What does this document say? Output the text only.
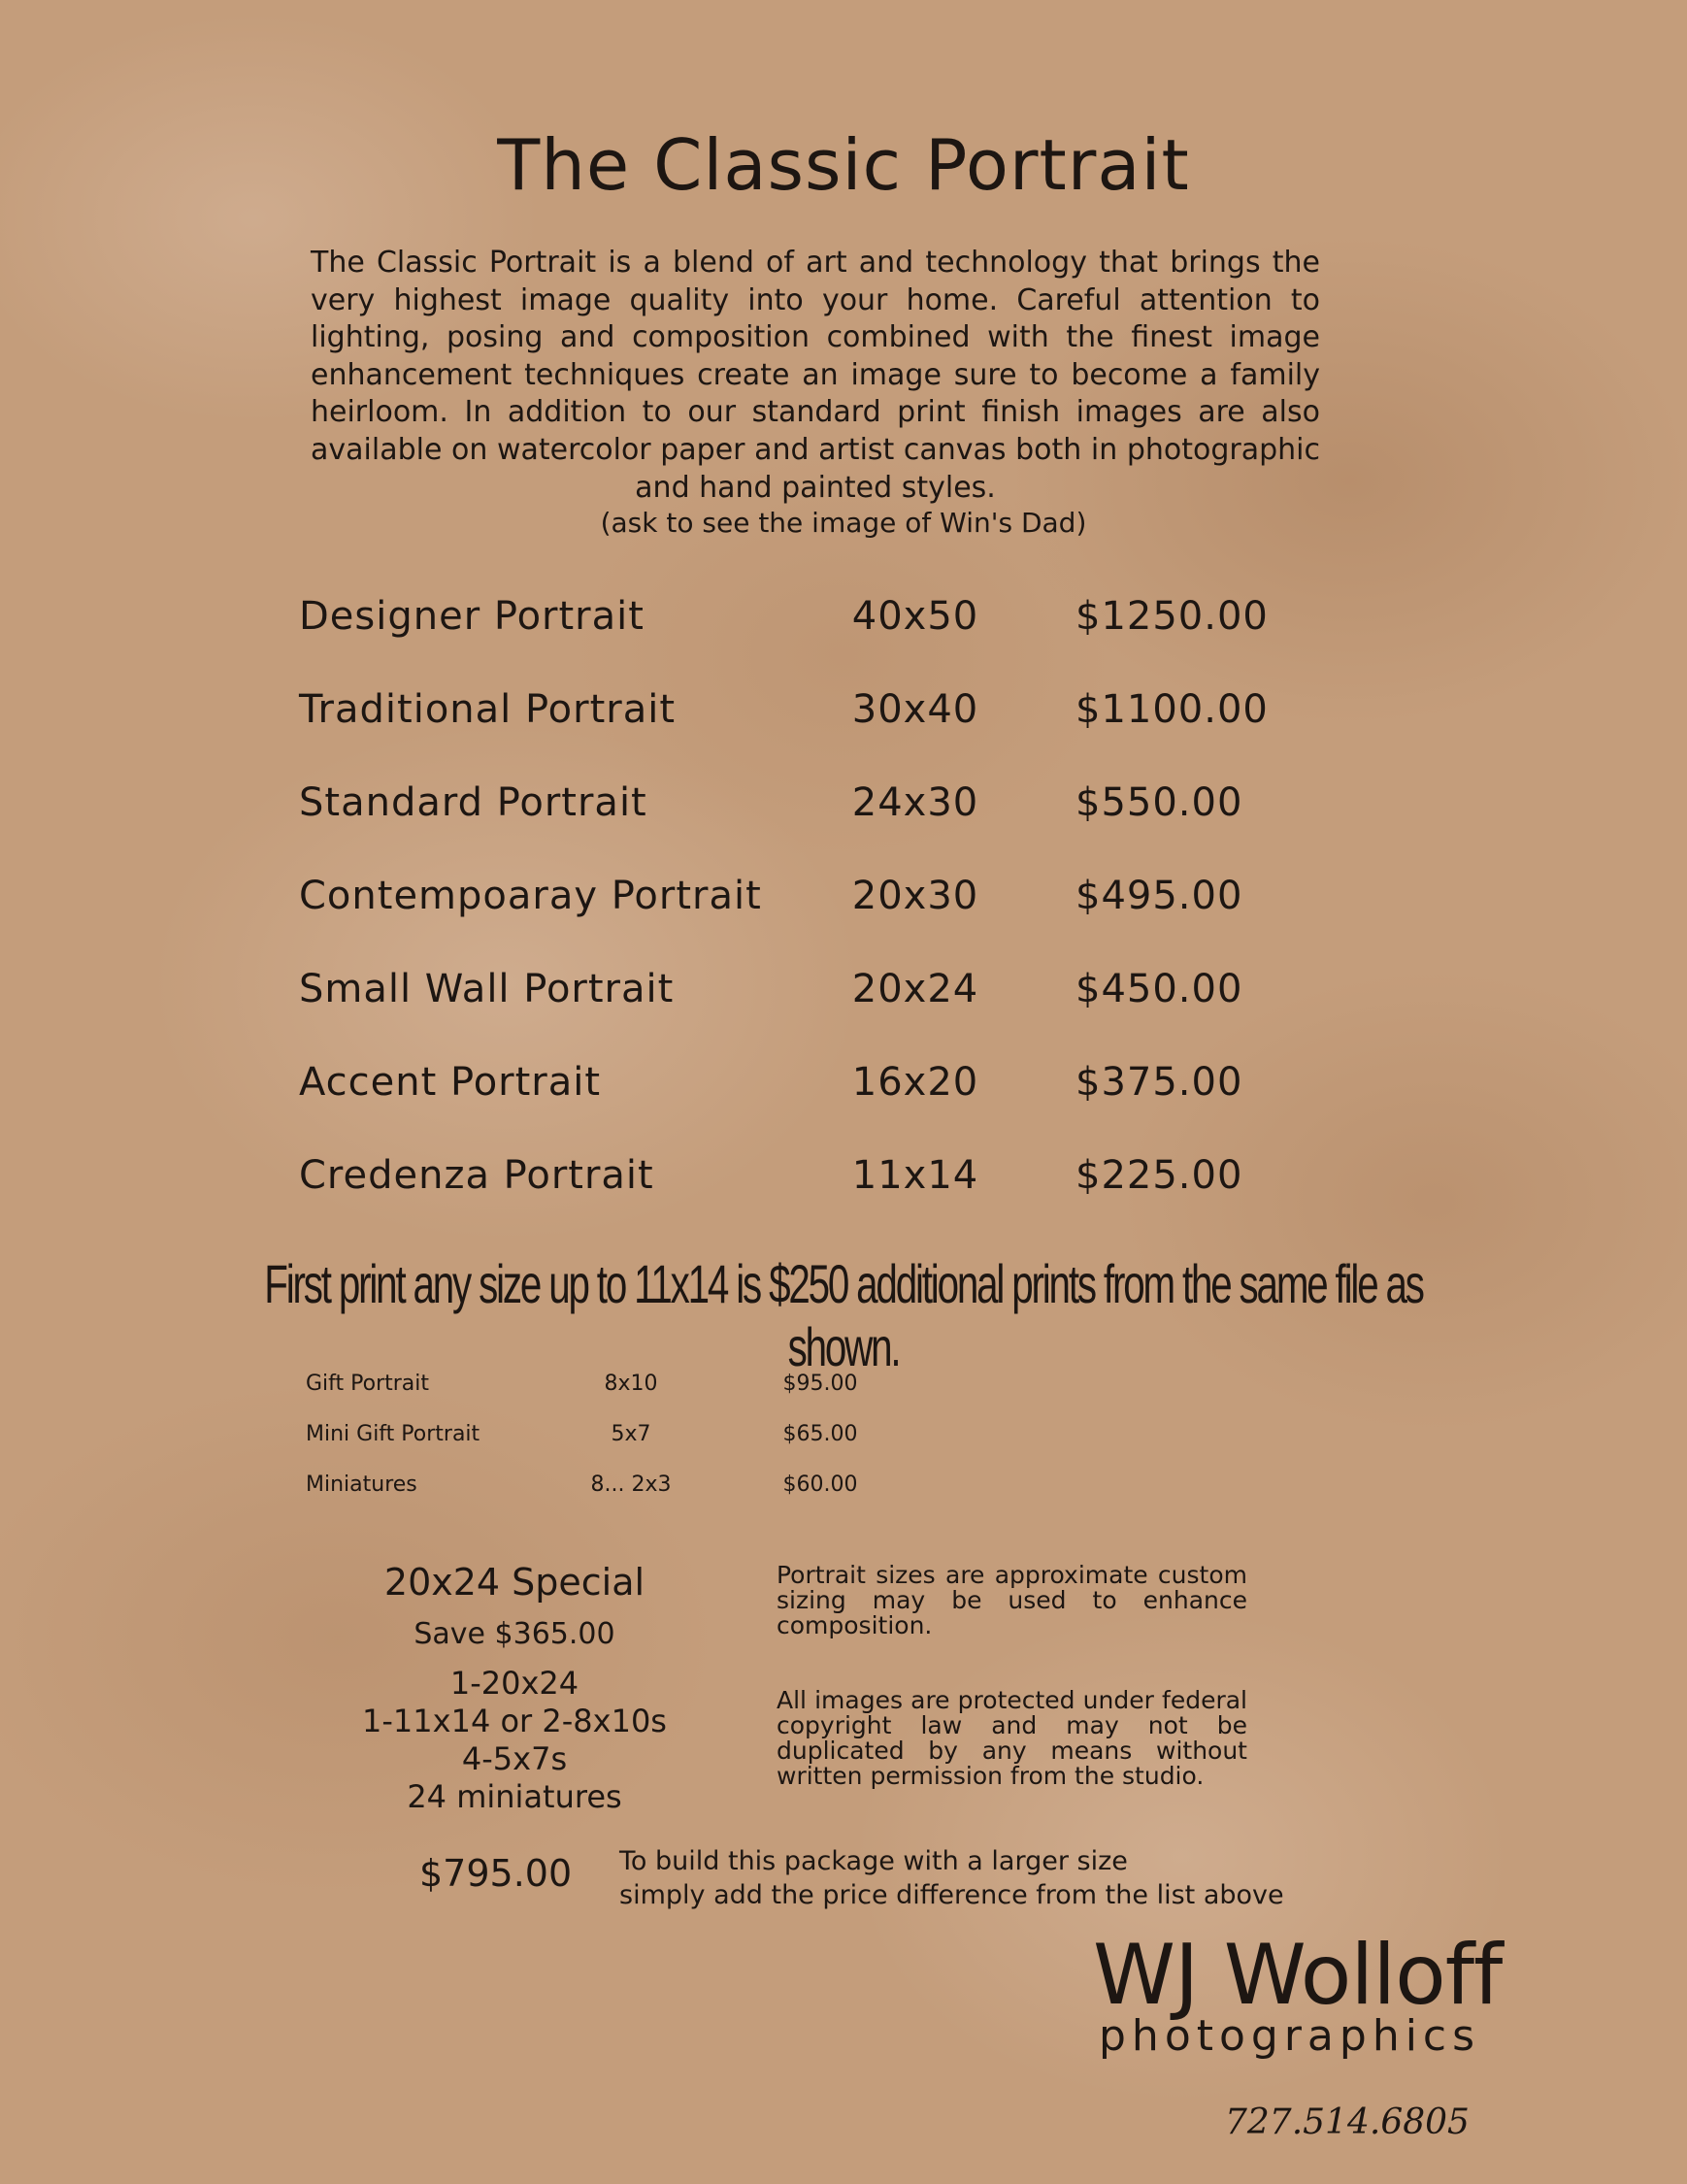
The Classic Portrait
The Classic Portrait is a blend of art and technology that brings the very highest image quality into your home. Careful attention to lighting, posing and composition combined with the finest image enhancement techniques create an image sure to become a family heirloom. In addition to our standard print finish images are also available on watercolor paper and artist canvas both in photographic and hand painted styles.
(ask to see the image of Win's Dad)
Designer Portrait	40x50	$1250.00
Traditional Portrait	30x40	$1100.00
Standard Portrait	24x30	$550.00
Contempoaray Portrait	20x30	$495.00
Small Wall Portrait	20x24	$450.00
Accent Portrait	16x20	$375.00
Credenza Portrait	11x14	$225.00
First print any size up to 11x14 is $250 additional prints from the same file as shown.
Gift Portrait	8x10	$95.00
Mini Gift Portrait	5x7	$65.00
Miniatures	8... 2x3	$60.00
20x24 Special
Save $365.00
1-20x24
1-11x14 or 2-8x10s
4-5x7s
24 miniatures
$795.00 To build this package with a larger size
simply add the price difference from the list above
Portrait sizes are approximate custom sizing may be used to enhance composition.
All images are protected under federal copyright law and may not be duplicated by any means without written permission from the studio.
WJ Wolloff
photographics
727.514.6805
